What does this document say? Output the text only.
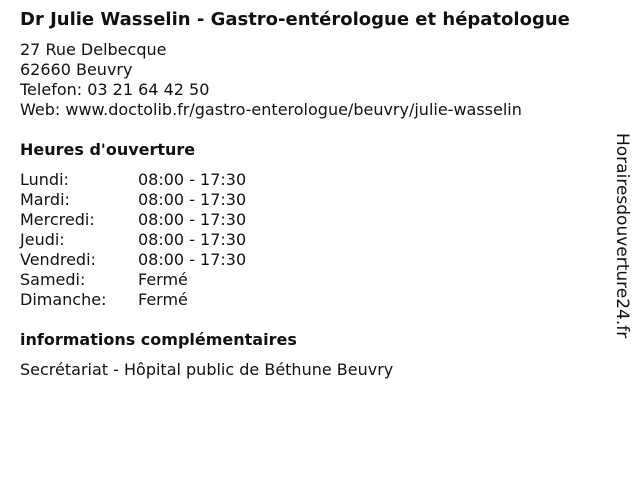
Dr Julie Wasselin - Gastro-entérologue et hépatologue
27 Rue Delbecque
62660 Beuvry
Telefon: 03 21 64 42 50
Web: www.doctolib.fr/gastro-enterologue/beuvry/julie-wasselin
Heures d'ouverture
Lundi:	08:00 - 17:30
Mardi:	08:00 - 17:30
Mercredi:	08:00 - 17:30
Jeudi:	08:00 - 17:30
Vendredi:	08:00 - 17:30
Samedi:	Fermé
Dimanche:	Fermé
informations complémentaires
Secrétariat - Hôpital public de Béthune Beuvry
Horairesdouverture24.fr
